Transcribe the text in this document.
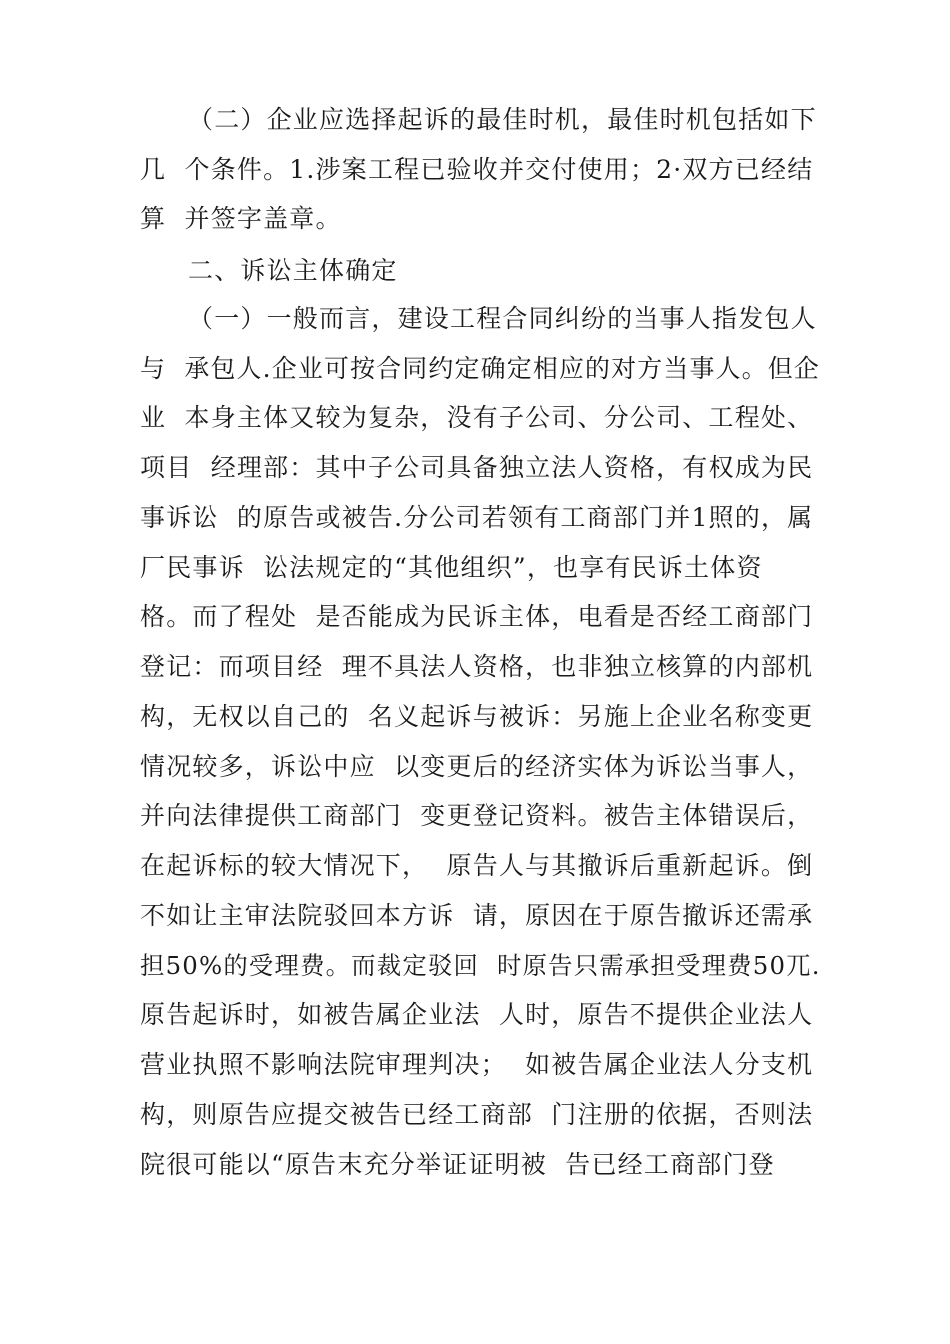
（二）企业应选择起诉的最佳时机，最佳时机包括如下
几  个条件。1.涉案工程已验收并交付使用；2·双方已经结
算  并签字盖章。
二、诉讼主体确定
（一）一般而言，建设工程合同纠纷的当事人指发包人
与  承包人.企业可按合同约定确定相应的对方当事人。但企
业  本身主体又较为复杂，没有子公司、分公司、工程处、
项目  经理部：其中子公司具备独立法人资格，有权成为民
事诉讼  的原告或被告.分公司若领有工商部门并1照的，属
厂民事诉  讼法规定的“其他组织”，也享有民诉土体资
格。而了程处  是否能成为民诉主体，电看是否经工商部门
登记：而项目经  理不具法人资格，也非独立核算的内部机
构，无权以自己的  名义起诉与被诉：另施上企业名称变更
情况较多，诉讼中应  以变更后的经济实体为诉讼当事人，
并向法律提供工商部门  变更登记资料。被告主体错误后，
在起诉标的较大情况下，  原告人与其撤诉后重新起诉。倒
不如让主审法院驳回本方诉  请，原因在于原告撤诉还需承
担50%的受理费。而裁定驳回  时原告只需承担受理费50兀.
原告起诉时，如被告属企业法  人时，原告不提供企业法人
营业执照不影响法院审理判决；  如被告属企业法人分支机
构，则原告应提交被告已经工商部  门注册的依据，否则法
院很可能以“原告末充分举证证明被  告已经工商部门登
